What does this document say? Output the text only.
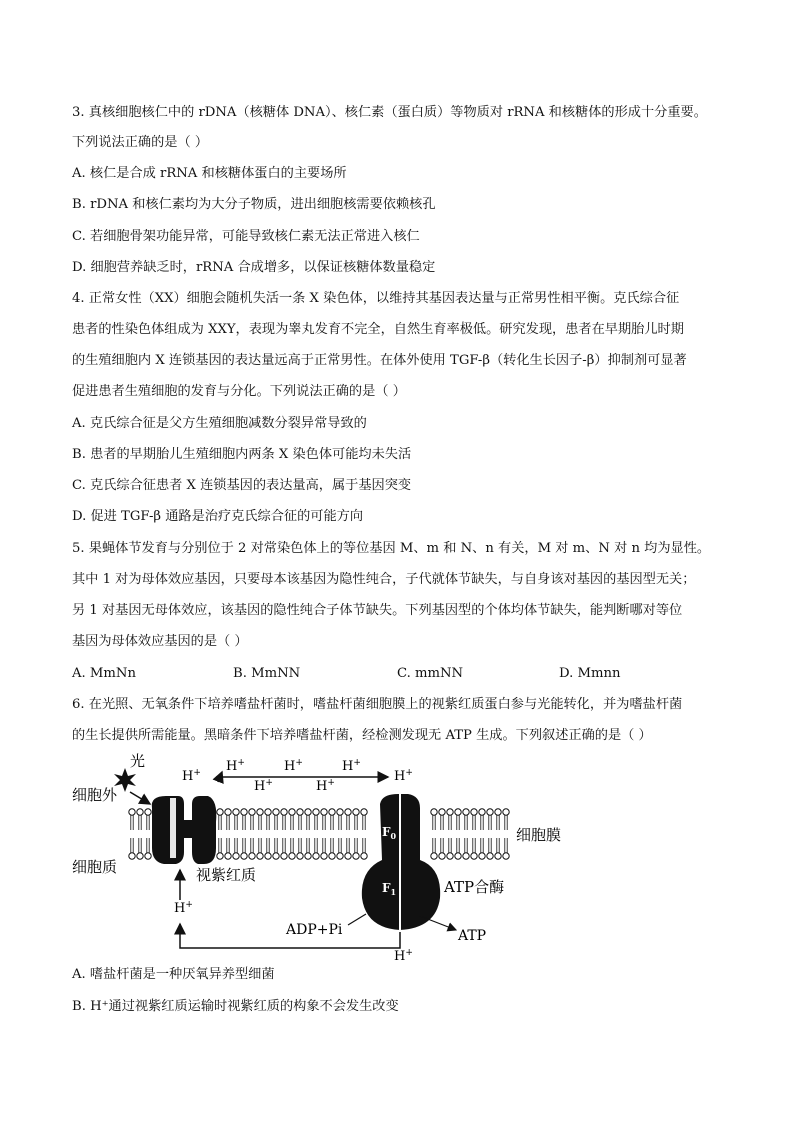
3. 真核细胞核仁中的 rDNA（核糖体 DNA）、核仁素（蛋白质）等物质对 rRNA 和核糖体的形成十分重要。
下列说法正确的是（ ）
A. 核仁是合成 rRNA 和核糖体蛋白的主要场所
B. rDNA 和核仁素均为大分子物质，进出细胞核需要依赖核孔
C. 若细胞骨架功能异常，可能导致核仁素无法正常进入核仁
D. 细胞营养缺乏时，rRNA 合成增多，以保证核糖体数量稳定
4. 正常女性（XX）细胞会随机失活一条 X 染色体，以维持其基因表达量与正常男性相平衡。克氏综合征
患者的性染色体组成为 XXY，表现为睾丸发育不完全，自然生育率极低。研究发现，患者在早期胎儿时期
的生殖细胞内 X 连锁基因的表达量远高于正常男性。在体外使用 TGF-β（转化生长因子-β）抑制剂可显著
促进患者生殖细胞的发育与分化。下列说法正确的是（ ）
A. 克氏综合征是父方生殖细胞减数分裂异常导致的
B. 患者的早期胎儿生殖细胞内两条 X 染色体可能均未失活
C. 克氏综合征患者 X 连锁基因的表达量高，属于基因突变
D. 促进 TGF-β 通路是治疗克氏综合征的可能方向
5. 果蝇体节发育与分别位于 2 对常染色体上的等位基因 M、m 和 N、n 有关，M 对 m、N 对 n 均为显性。
其中 1 对为母体效应基因，只要母本该基因为隐性纯合，子代就体节缺失，与自身该对基因的基因型无关；
另 1 对基因无母体效应，该基因的隐性纯合子体节缺失。下列基因型的个体均体节缺失，能判断哪对等位
基因为母体效应基因的是（ ）
A. MmNn	B. MmNN	C. mmNN	D. Mmnn
6. 在光照、无氧条件下培养嗜盐杆菌时，嗜盐杆菌细胞膜上的视紫红质蛋白参与光能转化，并为嗜盐杆菌
的生长提供所需能量。黑暗条件下培养嗜盐杆菌，经检测发现无 ATP 生成。下列叙述正确的是（ ）
光
细胞外
细胞质
细胞膜
视紫红质
ATP合酶
$F_0$
$F_1$
H+ H+	H+	H+
H+	H+	H+
H+
H+
ADP+Pi	ATP
A. 嗜盐杆菌是一种厌氧异养型细菌
B. H⁺通过视紫红质运输时视紫红质的构象不会发生改变
